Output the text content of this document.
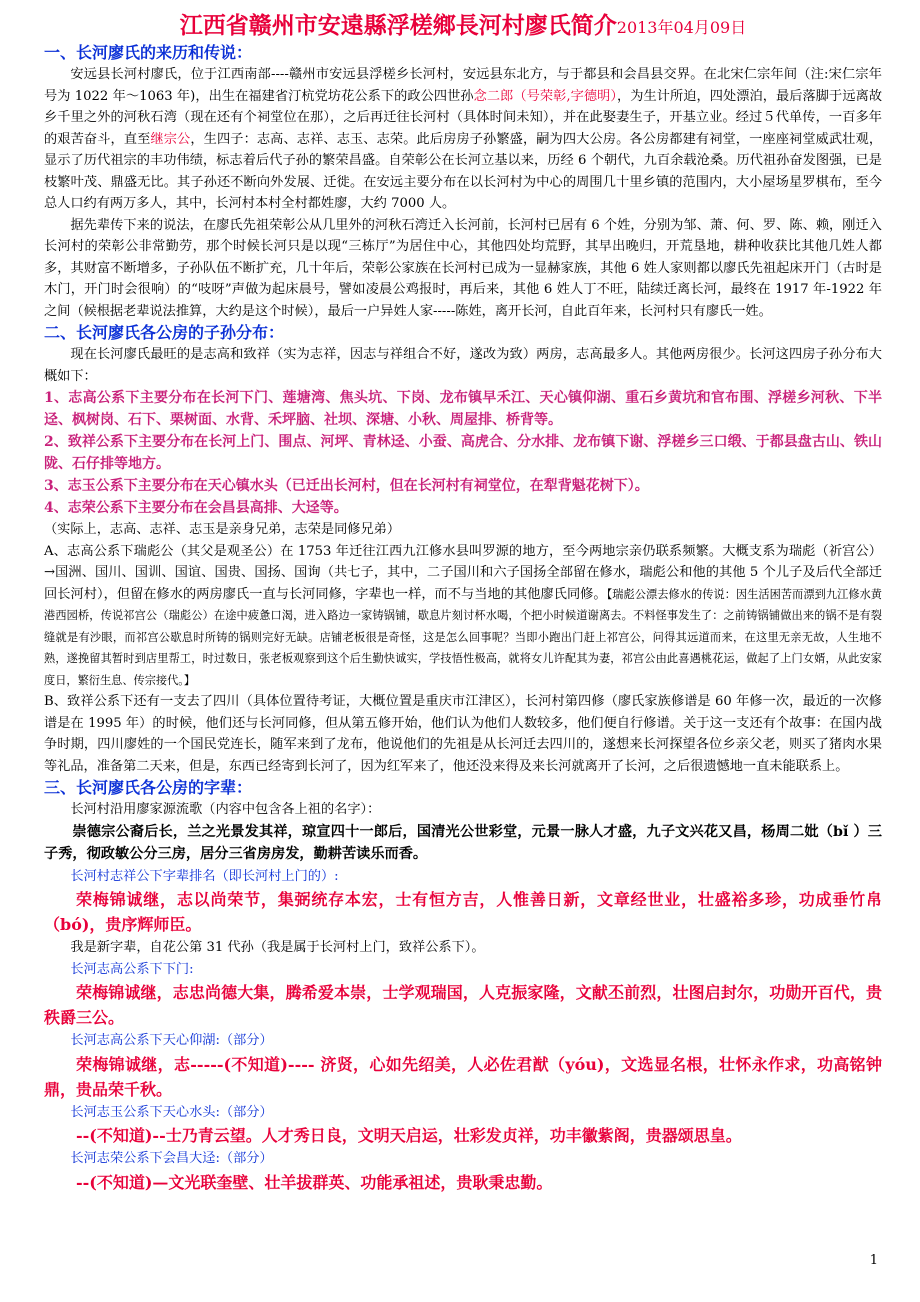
江西省赣州市安遠縣浮槎鄉長河村廖氏简介2013年04月09日
一、长河廖氏的来历和传说：

安远县长河村廖氏，位于江西南部----赣州市安远县浮槎乡长河村，安远县东北方，与于都县和会昌县交界。在北宋仁宗年间（注:宋仁宗年号为 1022 年～1063 年)，出生在福建省汀杭党坊花公系下的政公四世孙念二郎（号荣彰,字德明），为生计所迫，四处漂泊，最后落脚于远离故乡千里之外的河秋石湾（现在还有个祠堂位在那），之后再迁往长河村（具体时间未知），并在此娶妻生子，开基立业。经过５代单传，一百多年的艰苦奋斗，直至继宗公，生四子：志高、志祥、志玉、志荣。此后房房子孙繁盛，嗣为四大公房。各公房都建有祠堂，一座座祠堂威武壮观，显示了历代祖宗的丰功伟绩，标志着后代子孙的繁荣昌盛。自荣彰公在长河立基以来，历经 6 个朝代，九百余载沧桑。历代祖孙奋发图强，已是枝繁叶茂、鼎盛无比。其子孙还不断向外发展、迁徙。在安远主要分布在以长河村为中心的周围几十里乡镇的范围内，大小屋场星罗棋布，至今总人口约有两万多人，其中，长河村本村全村都姓廖，大约 7000 人。

据先辈传下来的说法，在廖氏先祖荣彰公从几里外的河秋石湾迁入长河前，长河村已居有 6 个姓，分别为邹、萧、何、罗、陈、赖，刚迁入长河村的荣彰公非常勤劳，那个时候长河只是以现“三栋厅”为居住中心，其他四处均荒野，其早出晚归，开荒垦地，耕种收获比其他几姓人都多，其财富不断增多，子孙队伍不断扩充，几十年后，荣彰公家族在长河村已成为一显赫家族，其他 6 姓人家则都以廖氏先祖起床开门（古时是木门，开门时会很响）的“吱呀”声做为起床晨号，譬如凌晨公鸡报时，再后来，其他 6 姓人丁不旺，陆续迁离长河，最终在 1917 年-1922 年之间（候根据老辈说法推算，大约是这个时候），最后一户异姓人家-----陈姓，离开长河，自此百年来，长河村只有廖氏一姓。

二、长河廖氏各公房的子孙分布：

现在长河廖氏最旺的是志高和致祥（实为志祥，因志与祥组合不好，遂改为致）两房，志高最多人。其他两房很少。长河这四房子孙分布大概如下：

1、志高公系下主要分布在长河下门、莲塘湾、焦头坑、下岗、龙布镇早禾江、天心镇仰湖、重石乡黄坑和官布围、浮槎乡河秋、下半迳、枫树岗、石下、栗树面、水背、禾坪脑、社坝、深塘、小秋、周屋排、桥背等。

2、致祥公系下主要分布在长河上门、围点、河坪、青林迳、小蚕、高虎合、分水排、龙布镇下谢、浮槎乡三口缎、于都县盘古山、铁山陇、石仔排等地方。

3、志玉公系下主要分布在天心镇水头（已迁出长河村，但在长河村有祠堂位，在犁背魁花树下）。

4、志荣公系下主要分布在会昌县高排、大迳等。

（实际上，志高、志祥、志玉是亲身兄弟，志荣是同修兄弟）

A、志高公系下瑞彪公（其父是观圣公）在 1753 年迁往江西九江修水县叫罗源的地方，至今两地宗亲仍联系频繁。大概支系为瑞彪（祈宫公）→国洲、国川、国训、国谊、国贵、国扬、国询（共七子，其中，二子国川和六子国扬全部留在修水，瑞彪公和他的其他 5 个儿子及后代全部迁回长河村），但留在修水的两房廖氏一直与长河同修，字辈也一样，而不与当地的其他廖氏同修。【瑞彪公漂去修水的传说：因生活困苦而漂到九江修水黄港西园桥，传说祁宫公（瑞彪公）在途中疲惫口渴，进入路边一家铸锅铺，歇息片刻讨杯水喝，个把小时候道谢离去。不料怪事发生了：之前铸锅铺做出来的锅不是有裂缝就是有沙眼，而祁宫公歇息时所铸的锅则完好无缺。店铺老板很是奇怪，这是怎么回事呢？当即小跑出门赶上祁宫公，问得其远道而来，在这里无亲无故，人生地不熟，遂挽留其暂时到店里帮工，时过数日，张老板观察到这个后生勤快诚实，学技悟性极高，就将女儿许配其为妻，祁宫公由此喜遇桃花运，做起了上门女婿，从此安家度日，繁衍生息、传宗接代。】

B、致祥公系下还有一支去了四川（具体位置待考证，大概位置是重庆市江津区），长河村第四修（廖氏家族修谱是 60 年修一次，最近的一次修谱是在 1995 年）的时候，他们还与长河同修，但从第五修开始，他们认为他们人数较多，他们便自行修谱。关于这一支还有个故事：在国内战争时期，四川廖姓的一个国民党连长，随军来到了龙布，他说他们的先祖是从长河迁去四川的，遂想来长河探望各位乡亲父老，则买了猪肉水果等礼品，准备第二天来，但是，东西已经寄到长河了，因为红军来了，他还没来得及来长河就离开了长河，之后很遗憾地一直未能联系上。

三、长河廖氏各公房的字辈：

长河村沿用廖家源流歌（内容中包含各上祖的名字）：

崇德宗公裔后长，兰之光景发其祥，琼宣四十一郎后，国清光公世彩堂，元景一脉人才盛，九子文兴花又昌，杨周二妣（bǐ ）三子秀，彻政敏公分三房，居分三省房房发，勤耕苦读乐而香。

长河村志祥公下字辈排名（即长河村上门的）:

荣梅锦诚继，志以尚荣节，集弼统存本宏，士有恒方吉，人惟善日新，文章经世业，壮盛裕多珍，功成垂竹帛（bó)，贵序辉师臣。

我是新字辈，自花公第 31 代孙（我是属于长河村上门，致祥公系下）。

长河志高公系下下门:

荣梅锦诚继，志忠尚德大集，腾希爱本崇，士学观瑞国，人克振家隆，文献丕前烈，壮图启封尔，功勋开百代，贵秩爵三公。

长河志高公系下天心仰湖:（部分）

荣梅锦诚继，志-----(不知道)---- 济贤，心如先绍美，人必佐君猷（yóu)，文选显名根，壮怀永作求，功高铭钟鼎，贵品荣千秋。

长河志玉公系下天心水头:（部分）

--(不知道)--士乃青云望。人才秀日良，文明天启运，壮彩发贞祥，功丰徽紫阁，贵器颂思皇。

长河志荣公系下会昌大迳:（部分）

--(不知道)—文光联奎壁、壮羊拔群英、功能承祖述，贵耿秉忠勤。

1
